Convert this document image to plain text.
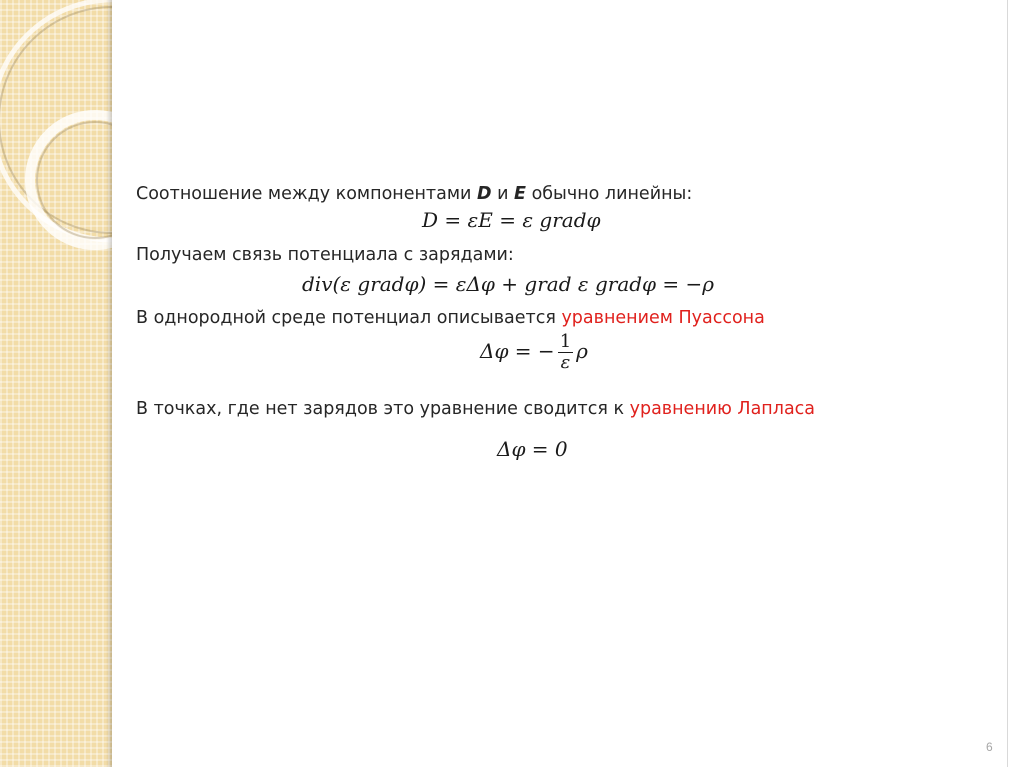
Соотношение между компонентами D и E обычно линейны:
D = εE = ε gradφ
Получаем связь потенциала с зарядами:
div(ε gradφ) = εΔφ + grad ε gradφ = −ρ
В однородной среде потенциал описывается уравнением Пуассона
Δφ = − $\frac{1}{\varepsilon}$ ρ
В точках, где нет зарядов это уравнение сводится к уравнению Лапласа
Δφ = 0
6
